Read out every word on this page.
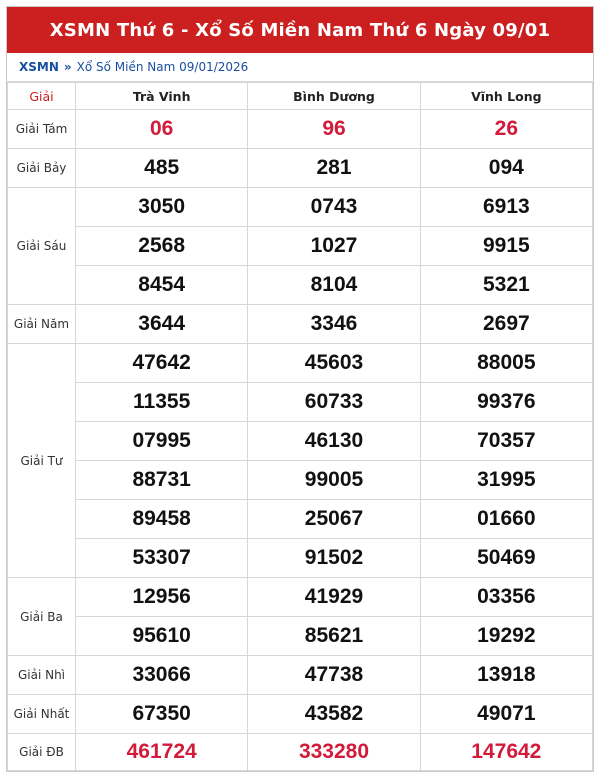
XSMN Thứ 6 - Xổ Số Miền Nam Thứ 6 Ngày 09/01
XSMN » Xổ Số Miền Nam 09/01/2026
Giải	Trà Vinh	Bình Dương	Vĩnh Long
Giải Tám	06	96	26
Giải Bảy	485	281	094
Giải Sáu	3050	0743	6913
	2568	1027	9915
	8454	8104	5321
Giải Năm	3644	3346	2697
Giải Tư	47642	45603	88005
	11355	60733	99376
	07995	46130	70357
	88731	99005	31995
	89458	25067	01660
	53307	91502	50469
Giải Ba	12956	41929	03356
	95610	85621	19292
Giải Nhì	33066	47738	13918
Giải Nhất	67350	43582	49071
Giải ĐB	461724	333280	147642
